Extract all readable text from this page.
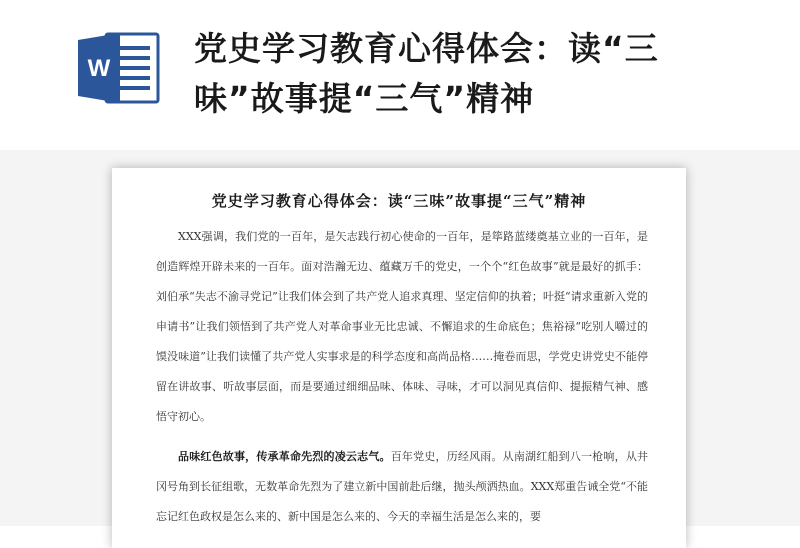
W
党史学习教育心得体会：读“三味”故事提“三气”精神
党史学习教育心得体会：读“三味”故事提“三气”精神

XXX强调，我们党的一百年，是矢志践行初心使命的一百年，是筚路蓝缕奠基立业的一百年，是创造辉煌开辟未来的一百年。面对浩瀚无边、蕴藏万千的党史，一个个“红色故事”就是最好的抓手：刘伯承“失志不渝寻党记”让我们体会到了共产党人追求真理、坚定信仰的执着；叶挺“请求重新入党的申请书”让我们领悟到了共产党人对革命事业无比忠诚、不懈追求的生命底色；焦裕禄“吃别人嚼过的馍没味道”让我们读懂了共产党人实事求是的科学态度和高尚品格……掩卷而思，学党史讲党史不能停留在讲故事、听故事层面，而是要通过细细品味、体味、寻味，才可以洞见真信仰、提振精气神、感悟守初心。

品味红色故事，传承革命先烈的凌云志气。百年党史，历经风雨。从南湖红船到八一枪响，从井冈号角到长征组歌，无数革命先烈为了建立新中国前赴后继，抛头颅洒热血。XXX郑重告诫全党“不能忘记红色政权是怎么来的、新中国是怎么来的、今天的幸福生活是怎么来的，要
